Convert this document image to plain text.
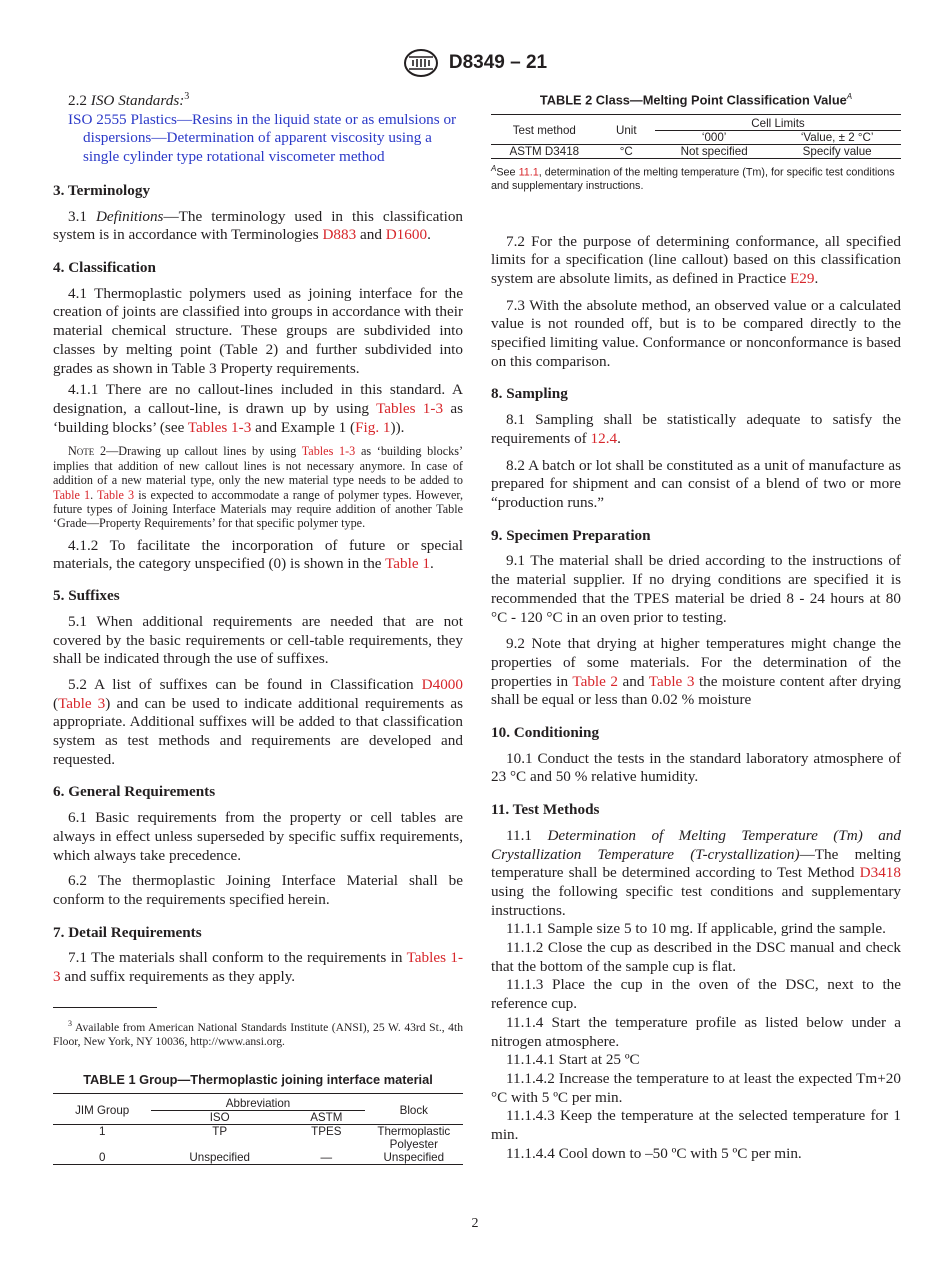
D8349 – 21

2.2 ISO Standards:$^3$

ISO 2555 Plastics—Resins in the liquid state or as emulsions or dispersions—Determination of apparent viscosity using a single cylinder type rotational viscometer method

3. Terminology

3.1 Definitions—The terminology used in this classification system is in accordance with Terminologies D883 and D1600.

4. Classification

4.1 Thermoplastic polymers used as joining interface for the creation of joints are classified into groups in accordance with their material chemical structure. These groups are subdivided into classes by melting point (Table 2) and further subdivided into grades as shown in Table 3 Property requirements.

4.1.1 There are no callout-lines included in this standard. A designation, a callout-line, is drawn up by using Tables 1-3 as ‘building blocks’ (see Tables 1-3 and Example 1 (Fig. 1)).

Note 2—Drawing up callout lines by using Tables 1-3 as ‘building blocks’ implies that addition of new callout lines is not necessary anymore. In case of addition of a new material type, only the new material type needs to be added to Table 1. Table 3 is expected to accommodate a range of polymer types. However, future types of Joining Interface Materials may require addition of another Table ‘Grade—Property Requirements’ for that specific polymer type.

4.1.2 To facilitate the incorporation of future or special materials, the category unspecified (0) is shown in the Table 1.

5. Suffixes

5.1 When additional requirements are needed that are not covered by the basic requirements or cell-table requirements, they shall be indicated through the use of suffixes.

5.2 A list of suffixes can be found in Classification D4000 (Table 3) and can be used to indicate additional requirements as appropriate. Additional suffixes will be added to that classification system as test methods and requirements are developed and requested.

6. General Requirements

6.1 Basic requirements from the property or cell tables are always in effect unless superseded by specific suffix requirements, which always take precedence.

6.2 The thermoplastic Joining Interface Material shall be conform to the requirements specified herein.

7. Detail Requirements

7.1 The materials shall conform to the requirements in Tables 1-3 and suffix requirements as they apply.

$^3$ Available from American National Standards Institute (ANSI), 25 W. 43rd St., 4th Floor, New York, NY 10036, http://www.ansi.org.

TABLE 1 Group—Thermoplastic joining interface material
JIM Group	Abbreviation		Block
	ISO	ASTM	
1	TP	TPES	Thermoplastic Polyester
0	Unspecified	—	Unspecified
TABLE 2 Class—Melting Point Classification Value$^A$
Test method	Unit	Cell Limits	
		‘000’	‘Value, ± 2 °C’
ASTM D3418	°C	Not specified	Specify value

$^A$See 11.1, determination of the melting temperature (Tm), for specific test conditions and supplementary instructions.

7.2 For the purpose of determining conformance, all specified limits for a specification (line callout) based on this classification system are absolute limits, as defined in Practice E29.

7.3 With the absolute method, an observed value or a calculated value is not rounded off, but is to be compared directly to the specified limiting value. Conformance or nonconformance is based on this comparison.

8. Sampling

8.1 Sampling shall be statistically adequate to satisfy the requirements of 12.4.

8.2 A batch or lot shall be constituted as a unit of manufacture as prepared for shipment and can consist of a blend of two or more “production runs.”

9. Specimen Preparation

9.1 The material shall be dried according to the instructions of the material supplier. If no drying conditions are specified it is recommended that the TPES material be dried 8 - 24 hours at 80 °C - 120 °C in an oven prior to testing.

9.2 Note that drying at higher temperatures might change the properties of some materials. For the determination of the properties in Table 2 and Table 3 the moisture content after drying shall be equal or less than 0.02 % moisture

10. Conditioning

10.1 Conduct the tests in the standard laboratory atmosphere of 23 °C and 50 % relative humidity.

11. Test Methods

11.1 Determination of Melting Temperature (Tm) and Crystallization Temperature (T-crystallization)—The melting temperature shall be determined according to Test Method D3418 using the following specific test conditions and supplementary instructions.

11.1.1 Sample size 5 to 10 mg. If applicable, grind the sample.

11.1.2 Close the cup as described in the DSC manual and check that the bottom of the sample cup is flat.

11.1.3 Place the cup in the oven of the DSC, next to the reference cup.

11.1.4 Start the temperature profile as listed below under a nitrogen atmosphere.

11.1.4.1 Start at 25 ºC

11.1.4.2 Increase the temperature to at least the expected Tm+20 °C with 5 ºC per min.

11.1.4.3 Keep the temperature at the selected temperature for 1 min.

11.1.4.4 Cool down to –50 ºC with 5 ºC per min.

2
